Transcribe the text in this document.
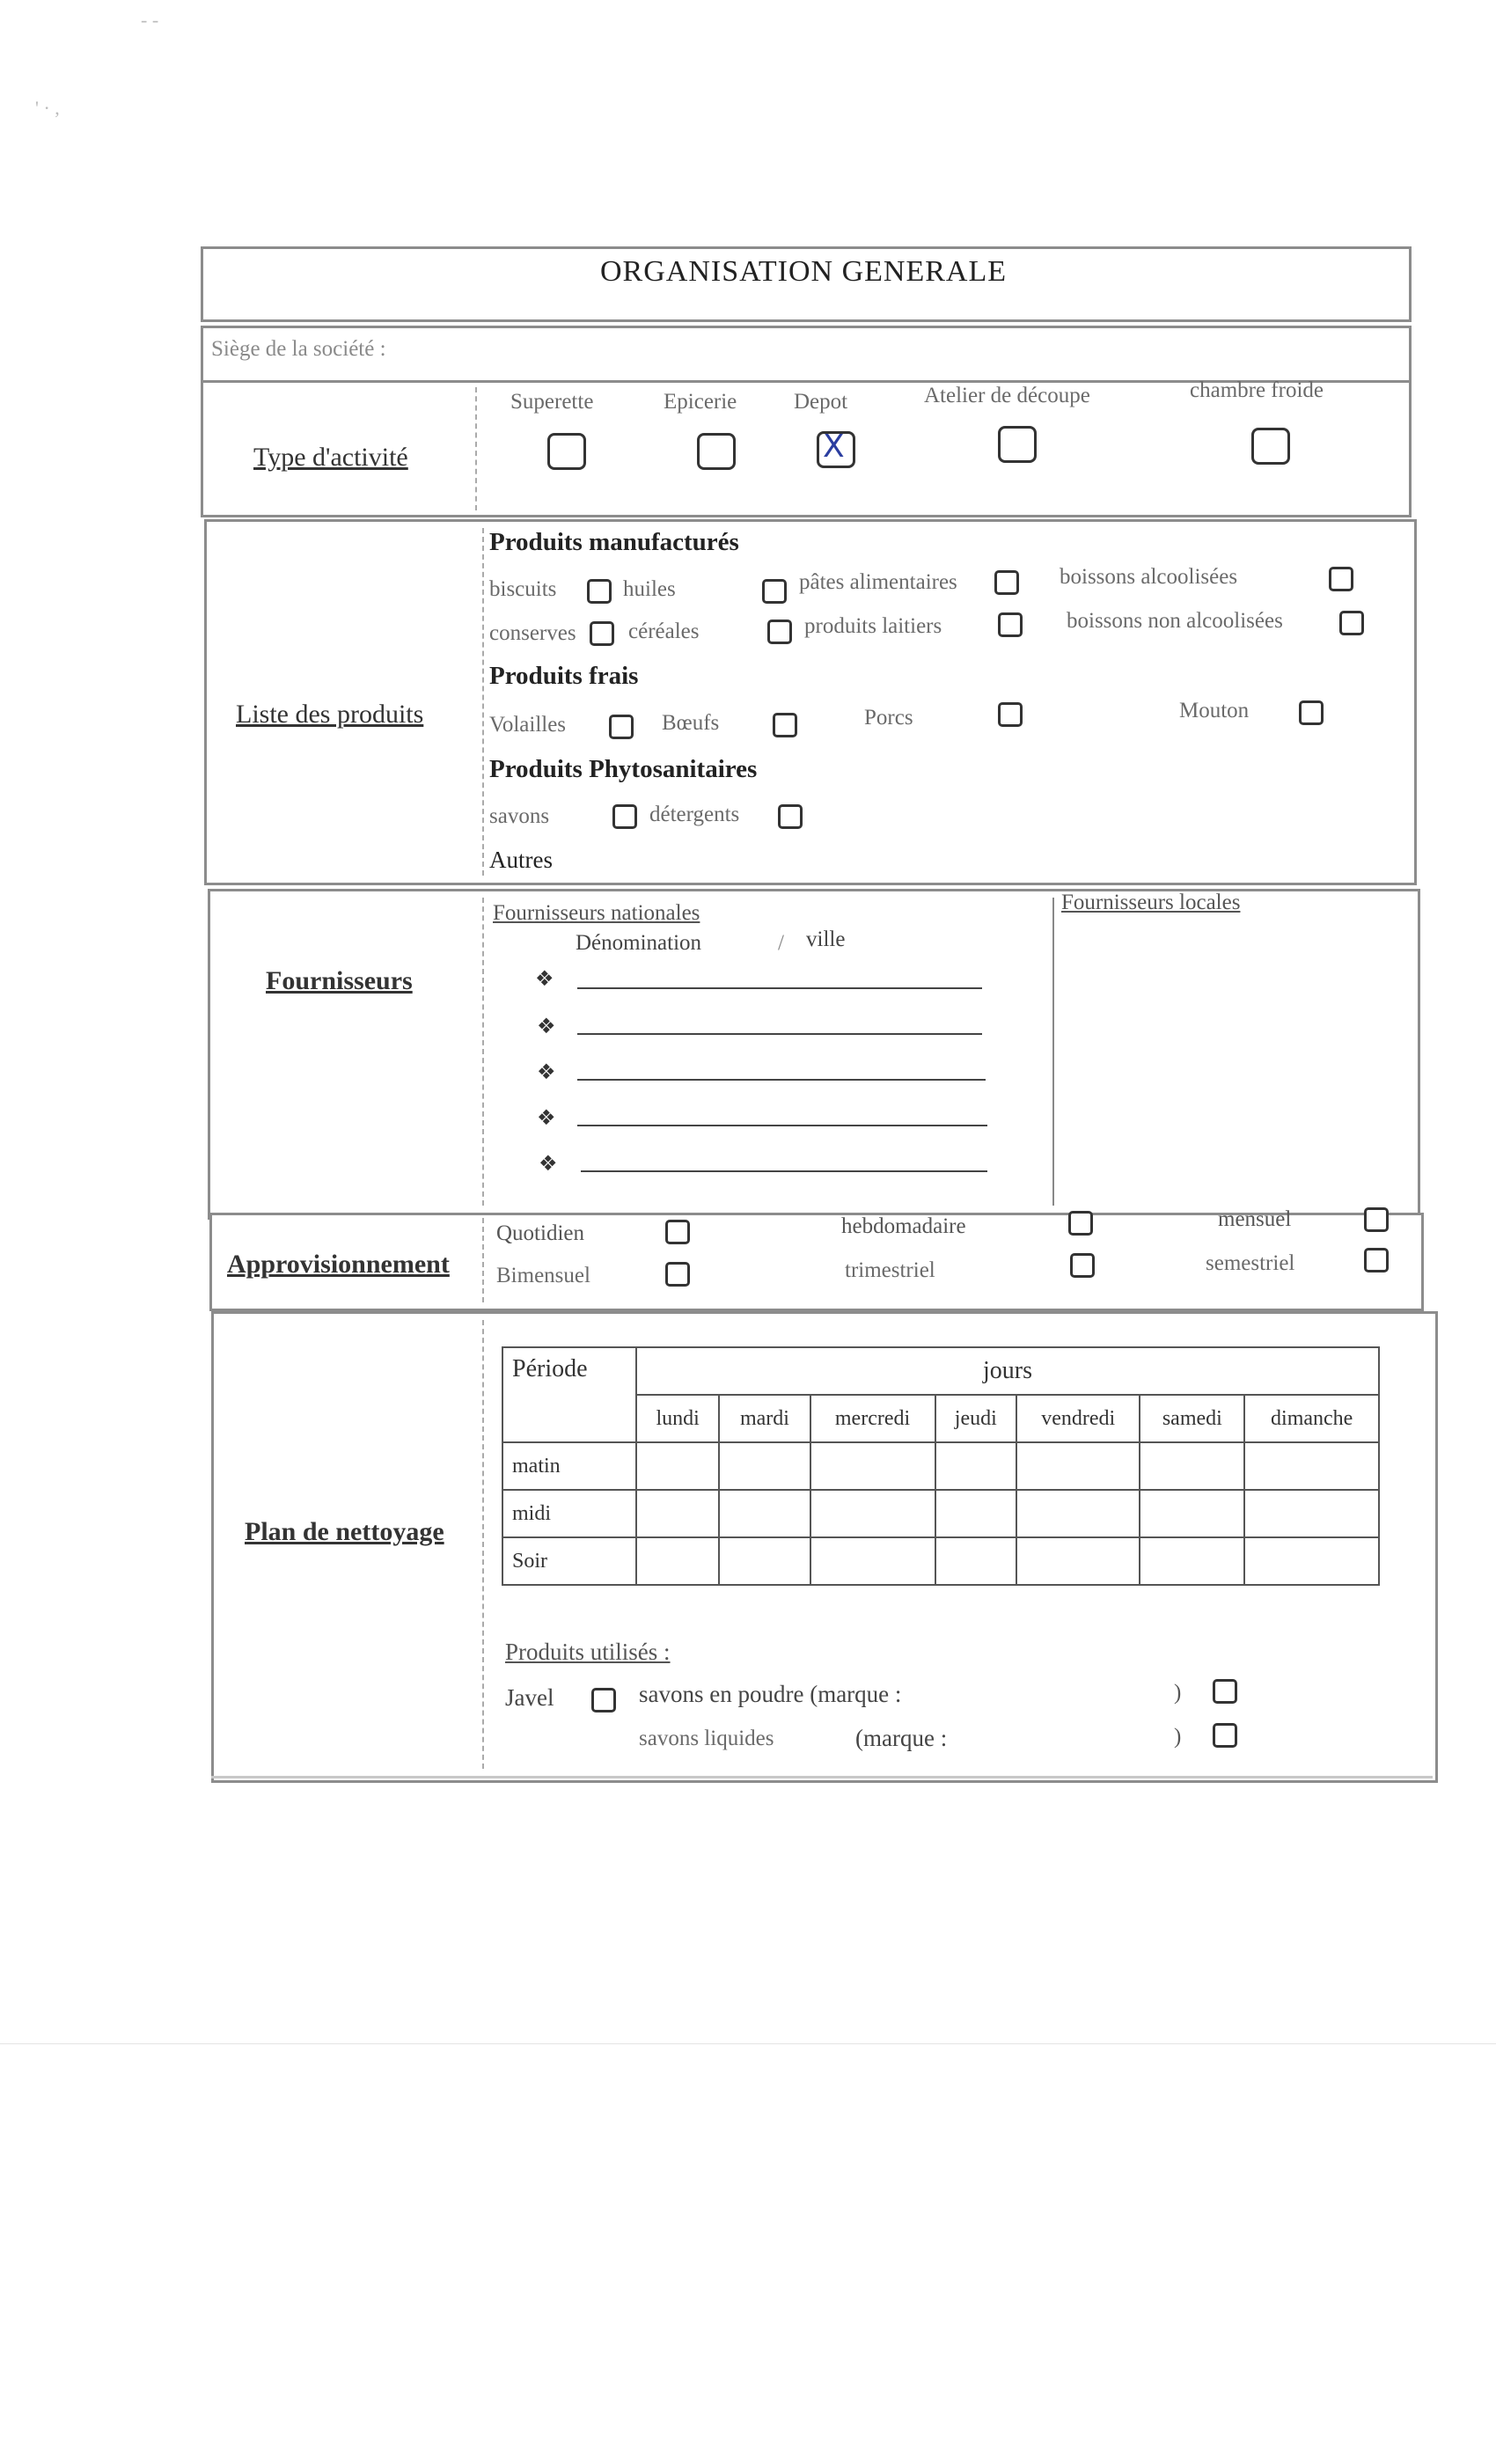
- -
' · ,
ORGANISATION GENERALE
Siège de la société :
Type d'activité
Superette	Epicerie	Depot
X
Atelier de découpe	chambre froide
Liste des produits
Produits manufacturés
biscuits	huiles	pâtes alimentaires	boissons alcoolisées
conserves céréales	produits laitiers	boissons non alcoolisées
Produits frais
Volailles	Bœufs	Porcs	Mouton
Produits Phytosanitaires
savons	détergents
Autres
Fournisseurs
Fournisseurs nationales
Dénomination	/ ville
Fournisseurs locales
❖
❖
❖
❖
❖
Approvisionnement
Quotidien	hebdomadaire	mensuel
Bimensuel	trimestriel	semestriel
Plan de nettoyage
Période	jours						
	lundi	mardi	mercredi	jeudi	vendredi	samedi	dimanche
matin							
midi							
Soir							
Produits utilisés :
Javel	savons en poudre (marque :	)
savons liquides	(marque :	)
